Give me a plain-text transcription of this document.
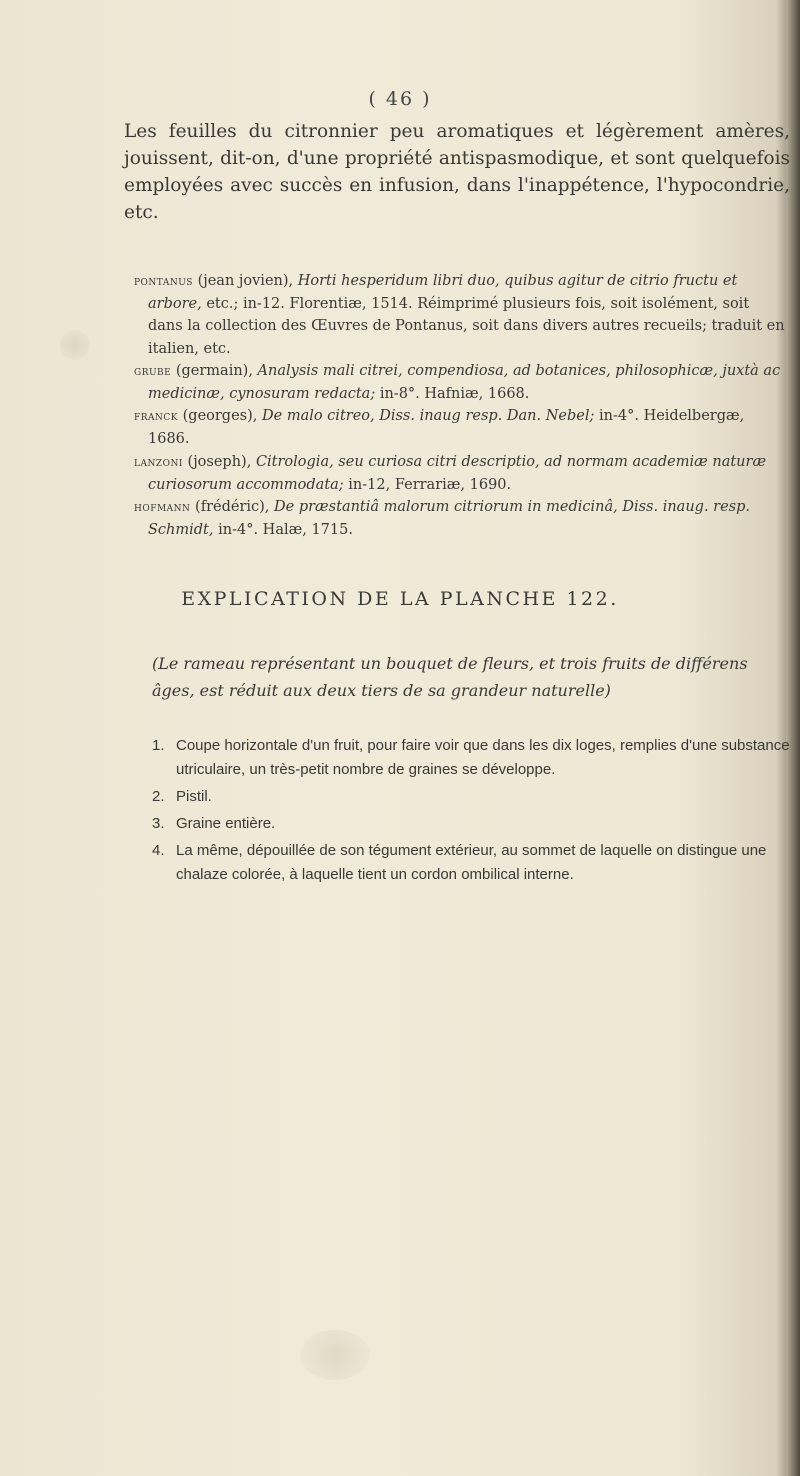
( 46 )
Les feuilles du citronnier peu aromatiques et légèrement amères, jouissent, dit-on, d'une propriété antispasmodique, et sont quelquefois employées avec succès en infusion, dans l'inappétence, l'hypocondrie, etc.

pontanus (jean jovien), Horti hesperidum libri duo, quibus agitur de citrio fructu et arbore, etc.; in-12. Florentiæ, 1514. Réimprimé plusieurs fois, soit isolément, soit dans la collection des Œuvres de Pontanus, soit dans divers autres recueils; traduit en italien, etc.

grube (germain), Analysis mali citrei, compendiosa, ad botanices, philosophicæ, juxtà ac medicinæ, cynosuram redacta; in-8°. Hafniæ, 1668.

franck (georges), De malo citreo, Diss. inaug resp. Dan. Nebel; in-4°. Heidelbergæ, 1686.

lanzoni (joseph), Citrologia, seu curiosa citri descriptio, ad normam academiæ naturæ curiosorum accommodata; in-12, Ferrariæ, 1690.

hofmann (frédéric), De præstantiâ malorum citriorum in medicinâ, Diss. inaug. resp. Schmidt, in-4°. Halæ, 1715.

EXPLICATION DE LA PLANCHE 122.
(Le rameau représentant un bouquet de fleurs, et trois fruits de différens âges, est réduit aux deux tiers de sa grandeur naturelle)

1. Coupe horizontale d'un fruit, pour faire voir que dans les dix loges, remplies d'une substance utriculaire, un très-petit nombre de graines se développe.

2. Pistil.

3. Graine entière.

4. La même, dépouillée de son tégument extérieur, au sommet de laquelle on distingue une chalaze colorée, à laquelle tient un cordon ombilical interne.
